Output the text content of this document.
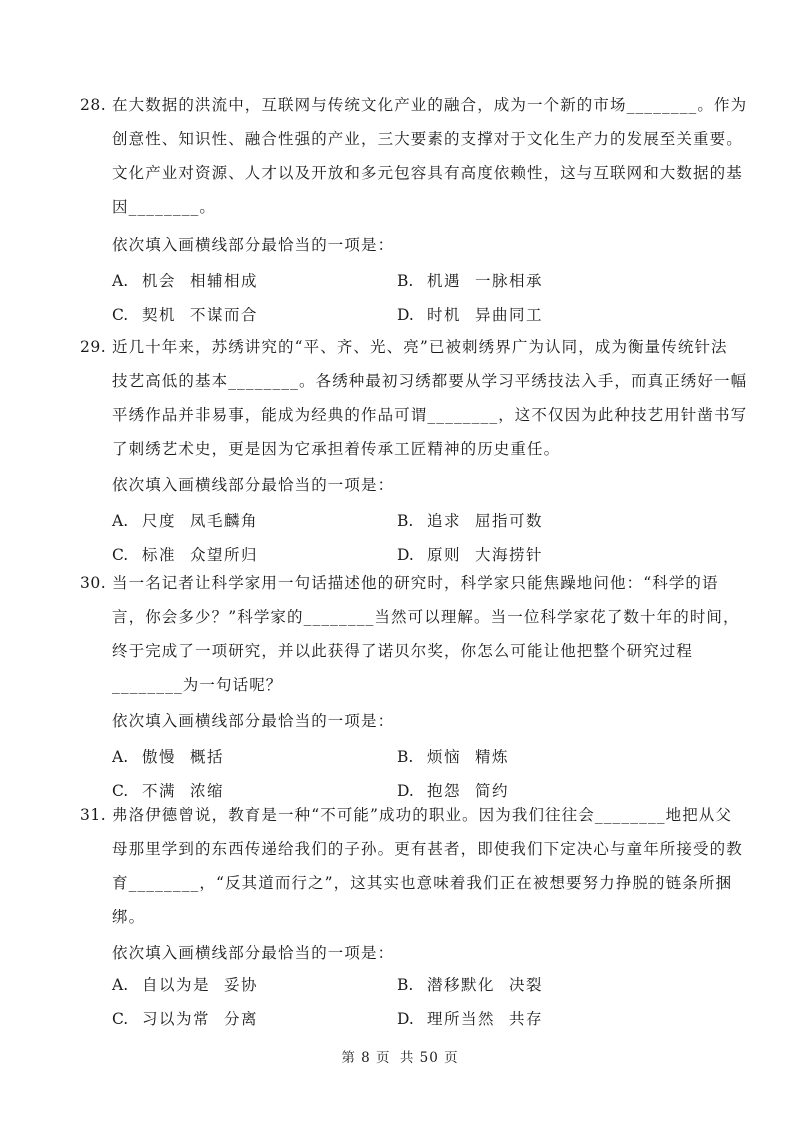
28. 在大数据的洪流中，互联网与传统文化产业的融合，成为一个新的市场________。作为
创意性、知识性、融合性强的产业，三大要素的支撑对于文化生产力的发展至关重要。
文化产业对资源、人才以及开放和多元包容具有高度依赖性，这与互联网和大数据的基
因________。
依次填入画横线部分最恰当的一项是：
A. 机会 相辅相成	B. 机遇 一脉相承
C. 契机 不谋而合	D. 时机 异曲同工
29. 近几十年来，苏绣讲究的“平、齐、光、亮”已被刺绣界广为认同，成为衡量传统针法
技艺高低的基本________。各绣种最初习绣都要从学习平绣技法入手，而真正绣好一幅
平绣作品并非易事，能成为经典的作品可谓________，这不仅因为此种技艺用针凿书写
了刺绣艺术史，更是因为它承担着传承工匠精神的历史重任。
依次填入画横线部分最恰当的一项是：
A. 尺度 凤毛麟角	B. 追求 屈指可数
C. 标准 众望所归	D. 原则 大海捞针
30. 当一名记者让科学家用一句话描述他的研究时，科学家只能焦躁地问他：“科学的语
言，你会多少？”科学家的________当然可以理解。当一位科学家花了数十年的时间，
终于完成了一项研究，并以此获得了诺贝尔奖，你怎么可能让他把整个研究过程
________为一句话呢？
依次填入画横线部分最恰当的一项是：
A. 傲慢 概括	B. 烦恼 精炼
C. 不满 浓缩	D. 抱怨 简约
31. 弗洛伊德曾说，教育是一种“不可能”成功的职业。因为我们往往会________地把从父
母那里学到的东西传递给我们的子孙。更有甚者，即使我们下定决心与童年所接受的教
育________，“反其道而行之”，这其实也意味着我们正在被想要努力挣脱的链条所捆
绑。
依次填入画横线部分最恰当的一项是：
A. 自以为是 妥协	B. 潜移默化 决裂
C. 习以为常 分离	D. 理所当然 共存
第 8 页 共 50 页
